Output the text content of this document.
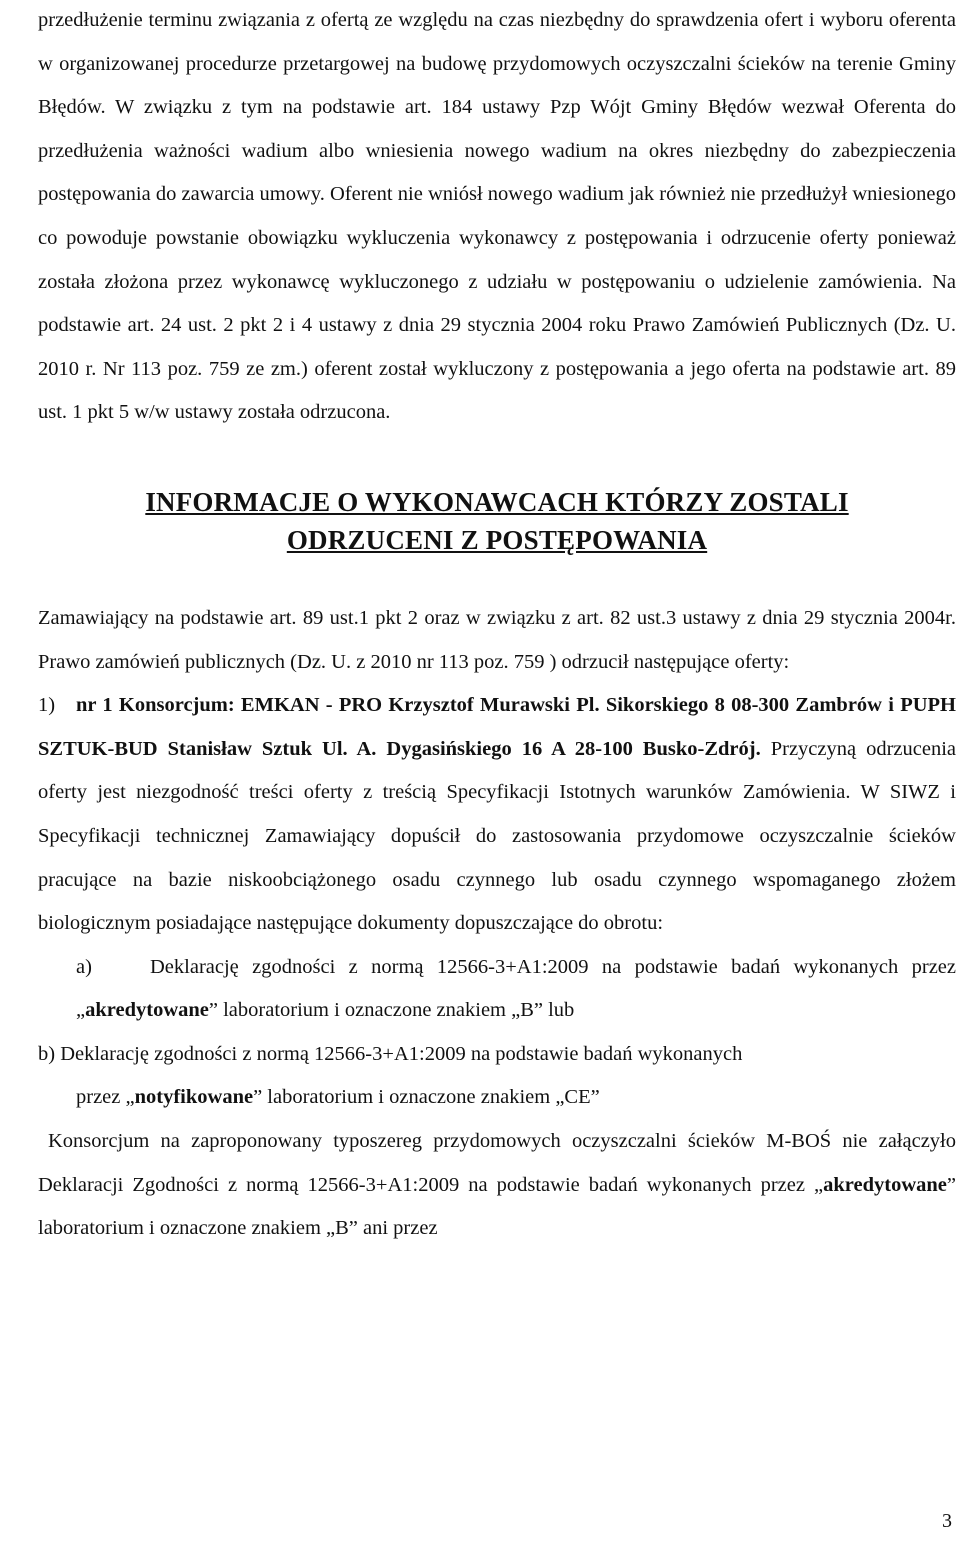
przedłużenie terminu związania z ofertą ze względu na czas niezbędny do sprawdzenia ofert i wyboru oferenta w organizowanej procedurze przetargowej na budowę przydomowych oczyszczalni ścieków na terenie Gminy Błędów. W związku z tym na podstawie art. 184 ustawy Pzp Wójt Gminy Błędów wezwał Oferenta do przedłużenia ważności wadium albo wniesienia nowego wadium na okres niezbędny do zabezpieczenia postępowania do zawarcia umowy. Oferent nie wniósł nowego wadium jak również nie przedłużył wniesionego co powoduje powstanie obowiązku wykluczenia wykonawcy z postępowania i odrzucenie oferty ponieważ została złożona przez wykonawcę wykluczonego z udziału w postępowaniu o udzielenie zamówienia. Na podstawie art. 24 ust. 2 pkt 2 i 4 ustawy z dnia 29 stycznia 2004 roku Prawo Zamówień Publicznych (Dz. U. 2010 r. Nr 113 poz. 759 ze zm.) oferent został wykluczony z postępowania a jego oferta na podstawie art. 89 ust. 1 pkt 5 w/w ustawy została odrzucona.

INFORMACJE O WYKONAWCACH KTÓRZY ZOSTALI
ODRZUCENI Z POSTĘPOWANIA

Zamawiający na podstawie art. 89 ust.1 pkt 2 oraz w związku z art. 82 ust.3 ustawy z dnia 29 stycznia 2004r. Prawo zamówień publicznych (Dz. U. z 2010 nr 113 poz. 759 ) odrzucił następujące oferty:

1) nr 1 Konsorcjum: EMKAN - PRO Krzysztof Murawski Pl. Sikorskiego 8 08-300 Zambrów i PUPH SZTUK-BUD Stanisław Sztuk Ul. A. Dygasińskiego 16 A 28-100 Busko-Zdrój. Przyczyną odrzucenia oferty jest niezgodność treści oferty z treścią Specyfikacji Istotnych warunków Zamówienia. W SIWZ i Specyfikacji technicznej Zamawiający dopuścił do zastosowania przydomowe oczyszczalnie ścieków pracujące na bazie niskoobciążonego osadu czynnego lub osadu czynnego wspomaganego złożem biologicznym posiadające następujące dokumenty dopuszczające do obrotu:

a)	Deklarację zgodności z normą 12566-3+A1:2009 na podstawie badań wykonanych przez „akredytowane” laboratorium i oznaczone znakiem „B” lub

b) Deklarację zgodności z normą 12566-3+A1:2009 na podstawie badań wykonanych
przez „notyfikowane” laboratorium i oznaczone znakiem „CE”

Konsorcjum na zaproponowany typoszereg przydomowych oczyszczalni ścieków M-BOŚ nie załączyło Deklaracji Zgodności z normą 12566-3+A1:2009 na podstawie badań wykonanych przez „akredytowane” laboratorium i oznaczone znakiem „B” ani przez

3
